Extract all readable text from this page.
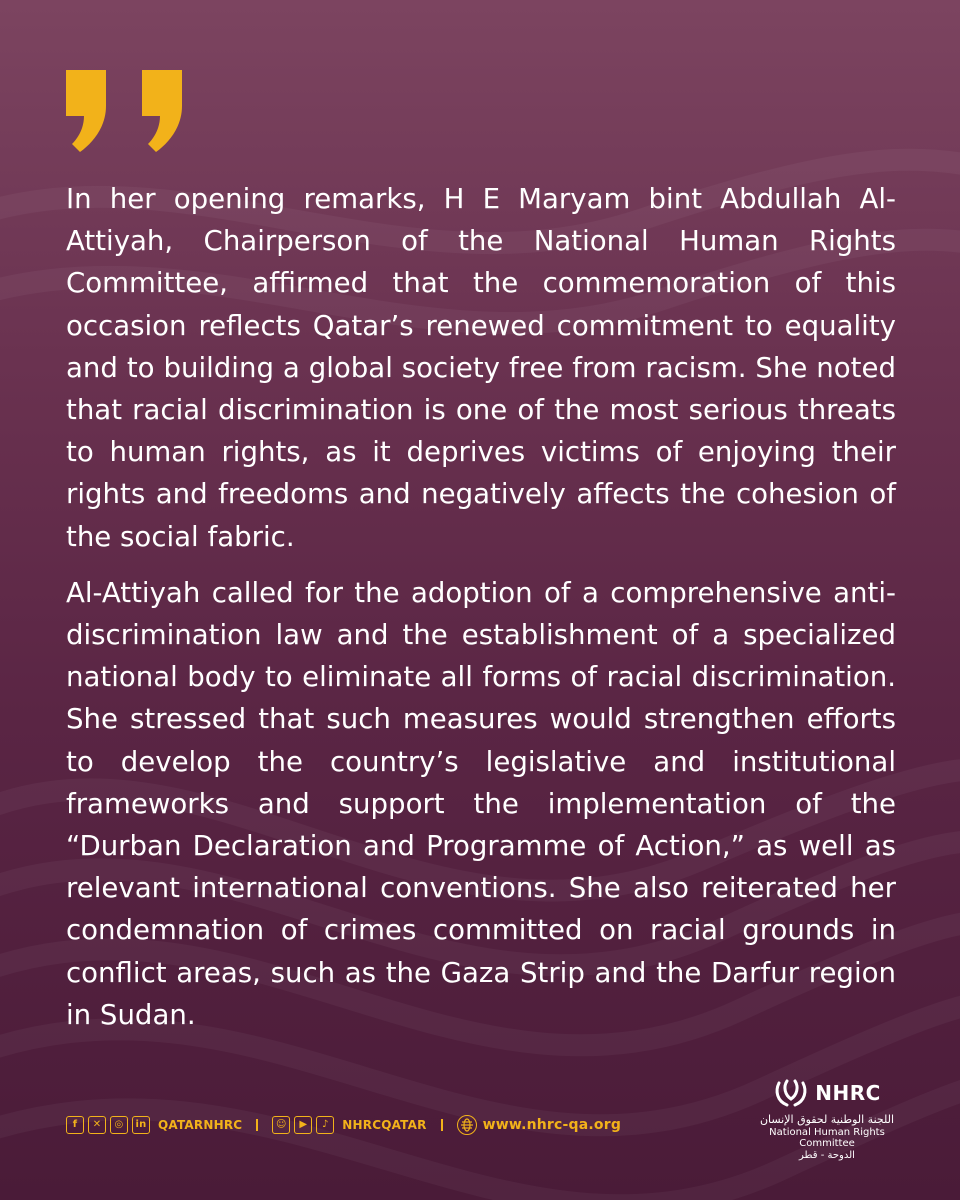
In her opening remarks, H E Maryam bint Abdullah Al-Attiyah, Chairperson of the National Human Rights Committee, affirmed that the commemoration of this occasion reflects Qatar’s renewed commitment to equality and to building a global society free from racism. She noted that racial discrimination is one of the most serious threats to human rights, as it deprives victims of enjoying their rights and freedoms and negatively affects the cohesion of the social fabric.

Al-Attiyah called for the adoption of a comprehensive anti-discrimination law and the establishment of a specialized national body to eliminate all forms of racial discrimination. She stressed that such measures would strengthen efforts to develop the country’s legislative and institutional frameworks and support the implementation of the “Durban Declaration and Programme of Action,” as well as relevant international conventions. She also reiterated her condemnation of crimes committed on racial grounds in conflict areas, such as the Gaza Strip and the Darfur region in Sudan.

f	✕	◎	in QATARNHRC	☺	▶	♪	NHRCQATAR	www.nhrc-qa.org
NHRC
اللجنة الوطنية لحقوق الإنسان
National Human Rights Committee
الدوحة - قطر
